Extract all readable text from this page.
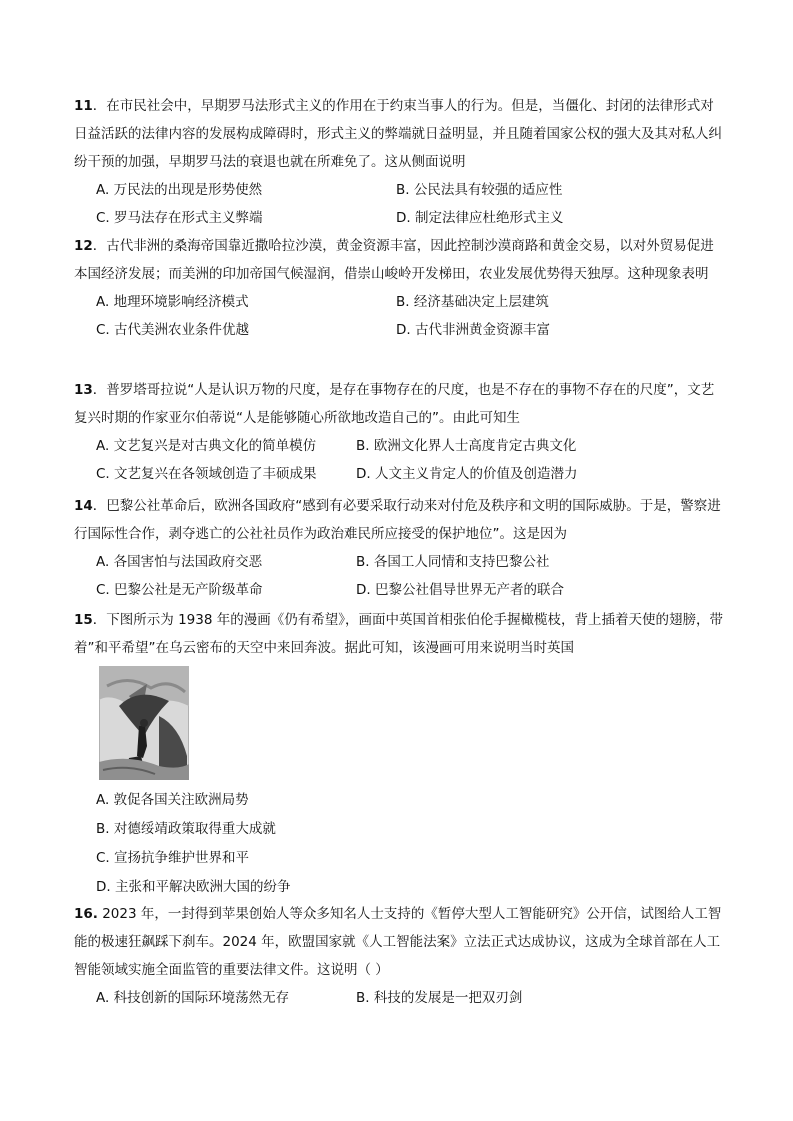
11．在市民社会中，早期罗马法形式主义的作用在于约束当事人的行为。但是，当僵化、封闭的法律形式对日益活跃的法律内容的发展构成障碍时，形式主义的弊端就日益明显，并且随着国家公权的强大及其对私人纠纷干预的加强，早期罗马法的衰退也就在所难免了。这从侧面说明

A. 万民法的出现是形势使然	B. 公民法具有较强的适应性
C. 罗马法存在形式主义弊端	D. 制定法律应杜绝形式主义

12．古代非洲的桑海帝国靠近撒哈拉沙漠，黄金资源丰富，因此控制沙漠商路和黄金交易，以对外贸易促进本国经济发展；而美洲的印加帝国气候湿润，借崇山峻岭开发梯田，农业发展优势得天独厚。这种现象表明

A. 地理环境影响经济模式	B. 经济基础决定上层建筑
C. 古代美洲农业条件优越	D. 古代非洲黄金资源丰富

13．普罗塔哥拉说“人是认识万物的尺度，是存在事物存在的尺度，也是不存在的事物不存在的尺度”，文艺复兴时期的作家亚尔伯蒂说“人是能够随心所欲地改造自己的”。由此可知生

A. 文艺复兴是对古典文化的简单模仿	B. 欧洲文化界人士高度肯定古典文化
C. 文艺复兴在各领域创造了丰硕成果	D. 人文主义肯定人的价值及创造潜力

14．巴黎公社革命后，欧洲各国政府“感到有必要采取行动来对付危及秩序和文明的国际威胁。于是，警察进行国际性合作，剥夺逃亡的公社社员作为政治难民所应接受的保护地位”。这是因为

A. 各国害怕与法国政府交恶	B. 各国工人同情和支持巴黎公社
C. 巴黎公社是无产阶级革命	D. 巴黎公社倡导世界无产者的联合

15．下图所示为 1938 年的漫画《仍有希望》，画面中英国首相张伯伦手握橄榄枝，背上插着天使的翅膀，带着”和平希望”在乌云密布的天空中来回奔波。据此可知，该漫画可用来说明当时英国

A. 敦促各国关注欧洲局势
B. 对德绥靖政策取得重大成就
C. 宣扬抗争维护世界和平
D. 主张和平解决欧洲大国的纷争

16. 2023 年，一封得到苹果创始人等众多知名人士支持的《暂停大型人工智能研究》公开信，试图给人工智能的极速狂飙踩下刹车。2024 年，欧盟国家就《人工智能法案》立法正式达成协议，这成为全球首部在人工智能领域实施全面监管的重要法律文件。这说明（ ）

A. 科技创新的国际环境荡然无存	B. 科技的发展是一把双刃剑
